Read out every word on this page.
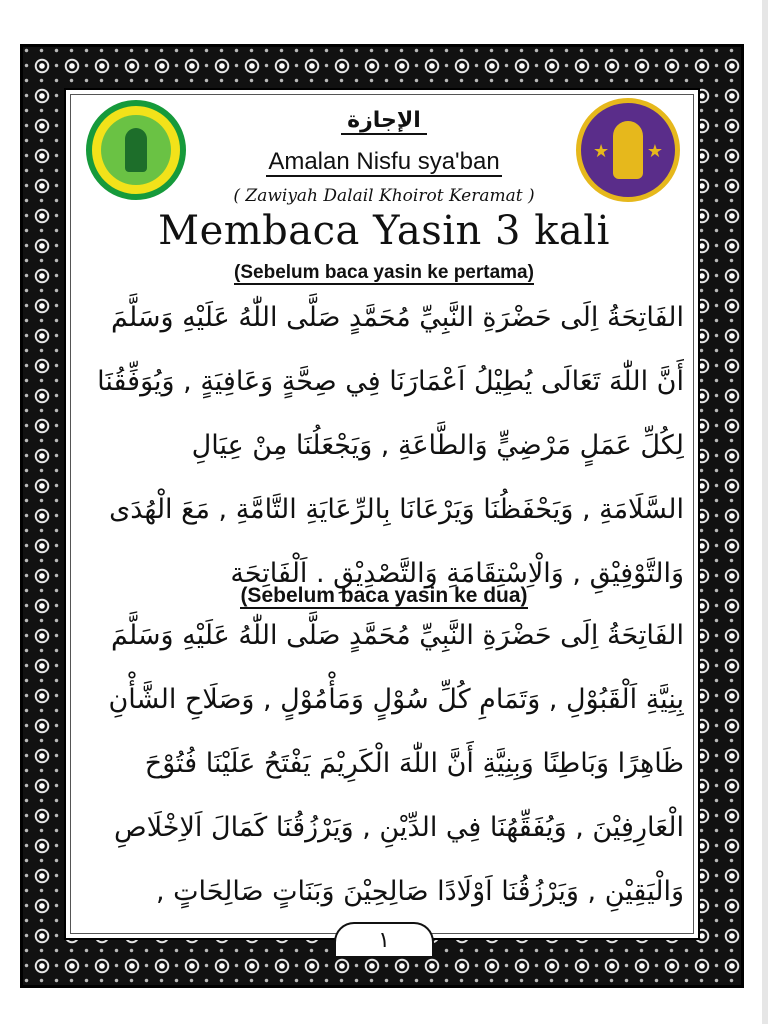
★ ★
الإجازة
Amalan Nisfu sya'ban
( Zawiyah Dalail Khoirot Keramat )
Membaca Yasin 3 kali
(Sebelum baca yasin ke pertama)
الفَاتِحَةُ اِلَى حَضْرَةِ النَّبِيِّ مُحَمَّدٍ صَلَّى اللّٰهُ عَلَيْهِ وَسَلَّمَ
أَنَّ اللّٰهَ تَعَالَى يُطِيْلُ اَعْمَارَنَا فِي صِحَّةٍ وَعَافِيَةٍ , وَيُوَفِّقُنَا
لِكُلِّ عَمَلٍ مَرْضِيٍّ وَالطَّاعَةِ , وَيَجْعَلُنَا مِنْ عِيَالِ
السَّلَامَةِ , وَيَحْفَظُنَا وَيَرْعَانَا بِالرِّعَايَةِ التَّامَّةِ , مَعَ الْهُدَى
وَالتَّوْفِيْقِ , وَالْاِسْتِقَامَةِ وَالتَّصْدِيْقِ . اَلْفَاتِحَة
(Sebelum baca yasin ke dua)
الفَاتِحَةُ اِلَى حَضْرَةِ النَّبِيِّ مُحَمَّدٍ صَلَّى اللّٰهُ عَلَيْهِ وَسَلَّمَ
بِنِيَّةِ اَلْقَبُوْلِ , وَتَمَامِ كُلِّ سُوْلٍ وَمَأْمُوْلٍ , وَصَلَاحِ الشَّأْنِ
ظَاهِرًا وَبَاطِنًا وَبِنِيَّةِ أَنَّ اللّٰهَ الْكَرِيْمَ يَفْتَحُ عَلَيْنَا فُتُوْحَ
الْعَارِفِيْنَ , وَيُفَقِّهُنَا فِي الدِّيْنِ , وَيَرْزُقُنَا كَمَالَ اَلاِخْلَاصِ
وَالْيَقِيْنِ , وَيَرْزُقُنَا اَوْلَادًا صَالِحِيْنَ وَبَنَاتٍ صَالِحَاتٍ ,
١
